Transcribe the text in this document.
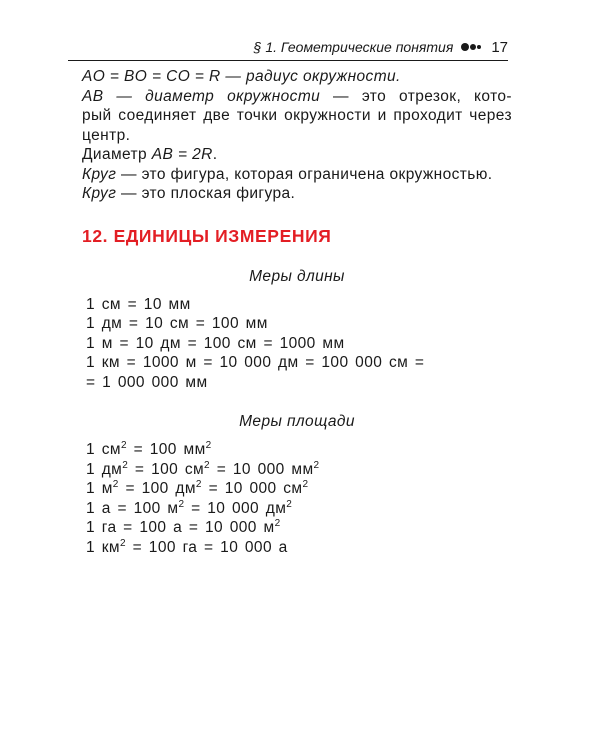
§ 1. Геометрические понятия	17
AO = BO = CO = R — радиус окружности.
AB — диаметр окружности — это отрезок, кото-
рый соединяет две точки окружности и проходит через
центр.
Диаметр AB = 2R.
Круг — это фигура, которая ограничена окружностью.
Круг — это плоская фигура.
12. ЕДИНИЦЫ ИЗМЕРЕНИЯ
Меры длины
1 см = 10 мм
1 дм = 10 см = 100 мм
1 м = 10 дм = 100 см = 1000 мм
1 км = 1000 м = 10 000 дм = 100 000 см =
= 1 000 000 мм
Меры площади
1 $см^2 = 100$ $мм^2$
1 $дм^2 = 100$ $см^2 = 10$ 000 $мм^2$
1 $м^2 = 100$ $дм^2 = 10$ 000 $см^2$
1 а = 100 $м^2 = 10$ 000 $дм^2$
1 га = 100 а = 10 000 $м^2$
1 $км^2 = 100$ га = 10 000 а
